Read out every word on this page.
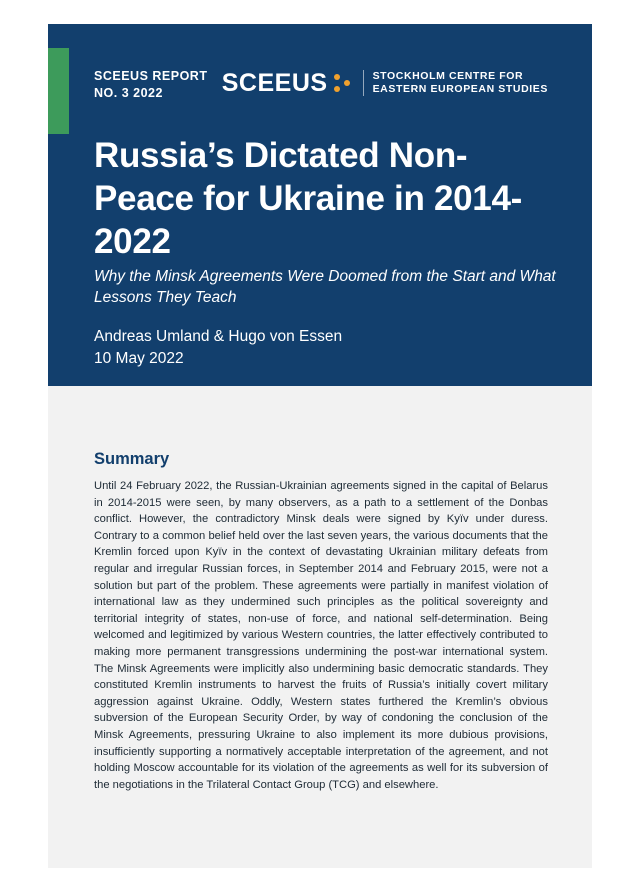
SCEEUS REPORT
NO. 3 2022	SCEEUS	STOCKHOLM CENTRE FOR
EASTERN EUROPEAN STUDIES
Russia’s Dictated Non-Peace for Ukraine in 2014-2022
Why the Minsk Agreements Were Doomed from the Start and What Lessons They Teach
Andreas Umland & Hugo von Essen
10 May 2022
Summary
Until 24 February 2022, the Russian-Ukrainian agreements signed in the capital of Belarus in 2014-2015 were seen, by many observers, as a path to a settlement of the Donbas conflict. However, the contradictory Minsk deals were signed by Kyïv under duress. Contrary to a common belief held over the last seven years, the various documents that the Kremlin forced upon Kyïv in the context of devastating Ukrainian military defeats from regular and irregular Russian forces, in September 2014 and February 2015, were not a solution but part of the problem. These agreements were partially in manifest violation of international law as they undermined such principles as the political sovereignty and territorial integrity of states, non-use of force, and national self-determination. Being welcomed and legitimized by various Western countries, the latter effectively contributed to making more permanent transgressions undermining the post-war international system. The Minsk Agreements were implicitly also undermining basic democratic standards. They constituted Kremlin instruments to harvest the fruits of Russia’s initially covert military aggression against Ukraine. Oddly, Western states furthered the Kremlin’s obvious subversion of the European Security Order, by way of condoning the conclusion of the Minsk Agreements, pressuring Ukraine to also implement its more dubious provisions, insufficiently supporting a normatively acceptable interpretation of the agreement, and not holding Moscow accountable for its violation of the agreements as well for its subversion of the negotiations in the Trilateral Contact Group (TCG) and elsewhere.
